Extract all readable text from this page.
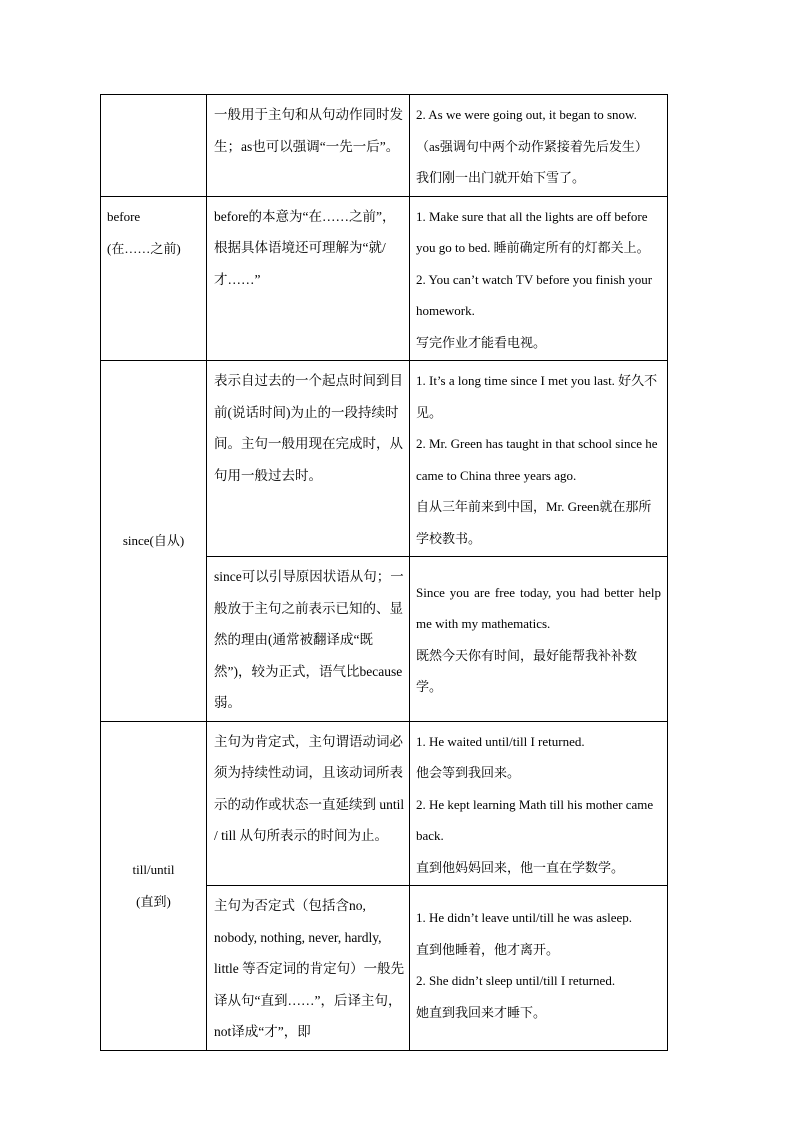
	一般用于主句和从句动作同时发生；as也可以强调“一先一后”。	2. As we were going out, it began to snow.
（as强调句中两个动作紧接着先后发生）
我们刚一出门就开始下雪了。

before
(在……之前)	before的本意为“在……之前”，根据具体语境还可理解为“就/才……”	1. Make sure that all the lights are off before you go to bed. 睡前确定所有的灯都关上。
2. You can’t watch TV before you finish your homework.
写完作业才能看电视。

since(自从)	表示自过去的一个起点时间到目前(说话时间)为止的一段持续时间。主句一般用现在完成时，从句用一般过去时。	1. It’s a long time since I met you last. 好久不见。
2. Mr. Green has taught in that school since he came to China three years ago.
自从三年前来到中国，Mr. Green就在那所学校教书。

	since可以引导原因状语从句；一般放于主句之前表示已知的、显然的理由(通常被翻译成“既然”)，较为正式，语气比because弱。	Since you are free today, you had better help me with my mathematics.
既然今天你有时间，最好能帮我补补数学。

till/until
(直到)	主句为肯定式，主句谓语动词必须为持续性动词，且该动词所表示的动作或状态一直延续到 until / till 从句所表示的时间为止。	1. He waited until/till I returned.
他会等到我回来。
2. He kept learning Math till his mother came back.
直到他妈妈回来，他一直在学数学。

	主句为否定式（包括含no, nobody, nothing, never, hardly, little 等否定词的肯定句）一般先译从句“直到……”，后译主句，not译成“才”，即	1. He didn’t leave until/till he was asleep.
直到他睡着，他才离开。
2. She didn’t sleep until/till I returned.
她直到我回来才睡下。
